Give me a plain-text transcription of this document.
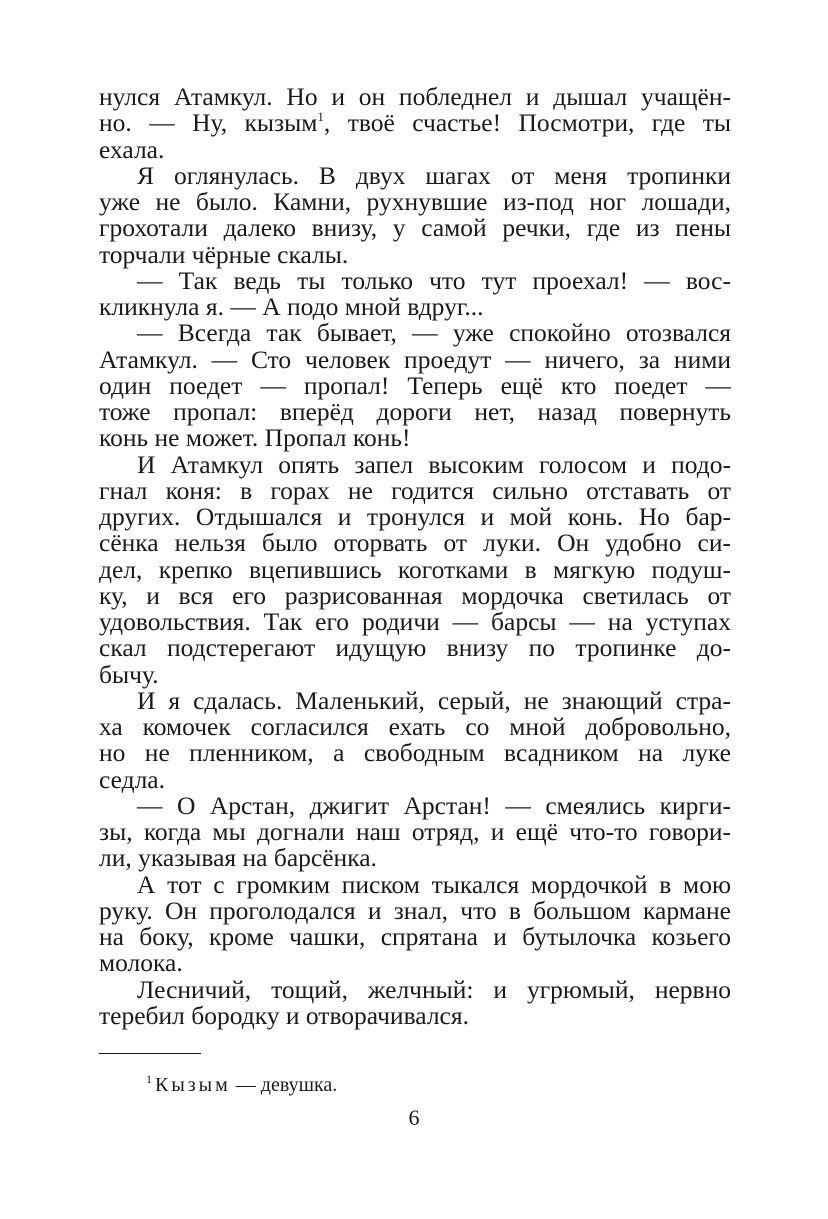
нулся Атамкул. Но и он побледнел и дышал учащён-

но. — Ну, кызым$^1$, твоё счастье! Посмотри, где ты

ехала.

Я оглянулась. В двух шагах от меня тропинки

уже не было. Камни, рухнувшие из-под ног лошади,

грохотали далеко внизу, у самой речки, где из пены

торчали чёрные скалы.

— Так ведь ты только что тут проехал! — вос-

кликнула я. — А подо мной вдруг...

— Всегда так бывает, — уже спокойно отозвался

Атамкул. — Сто человек проедут — ничего, за ними

один поедет — пропал! Теперь ещё кто поедет —

тоже пропал: вперёд дороги нет, назад повернуть

конь не может. Пропал конь!

И Атамкул опять запел высоким голосом и подо-

гнал коня: в горах не годится сильно отставать от

других. Отдышался и тронулся и мой конь. Но бар-

сёнка нельзя было оторвать от луки. Он удобно си-

дел, крепко вцепившись коготками в мягкую подуш-

ку, и вся его разрисованная мордочка светилась от

удовольствия. Так его родичи — барсы — на уступах

скал подстерегают идущую внизу по тропинке до-

бычу.

И я сдалась. Маленький, серый, не знающий стра-

ха комочек согласился ехать со мной добровольно,

но не пленником, а свободным всадником на луке

седла.

— О Арстан, джигит Арстан! — смеялись кирги-

зы, когда мы догнали наш отряд, и ещё что-то говори-

ли, указывая на барсёнка.

А тот с громким писком тыкался мордочкой в мою

руку. Он проголодался и знал, что в большом кармане

на боку, кроме чашки, спрятана и бутылочка козьего

молока.

Лесничий, тощий, желчный: и угрюмый, нервно

теребил бородку и отворачивался.

$^1$ Кызым — девушка.
6
